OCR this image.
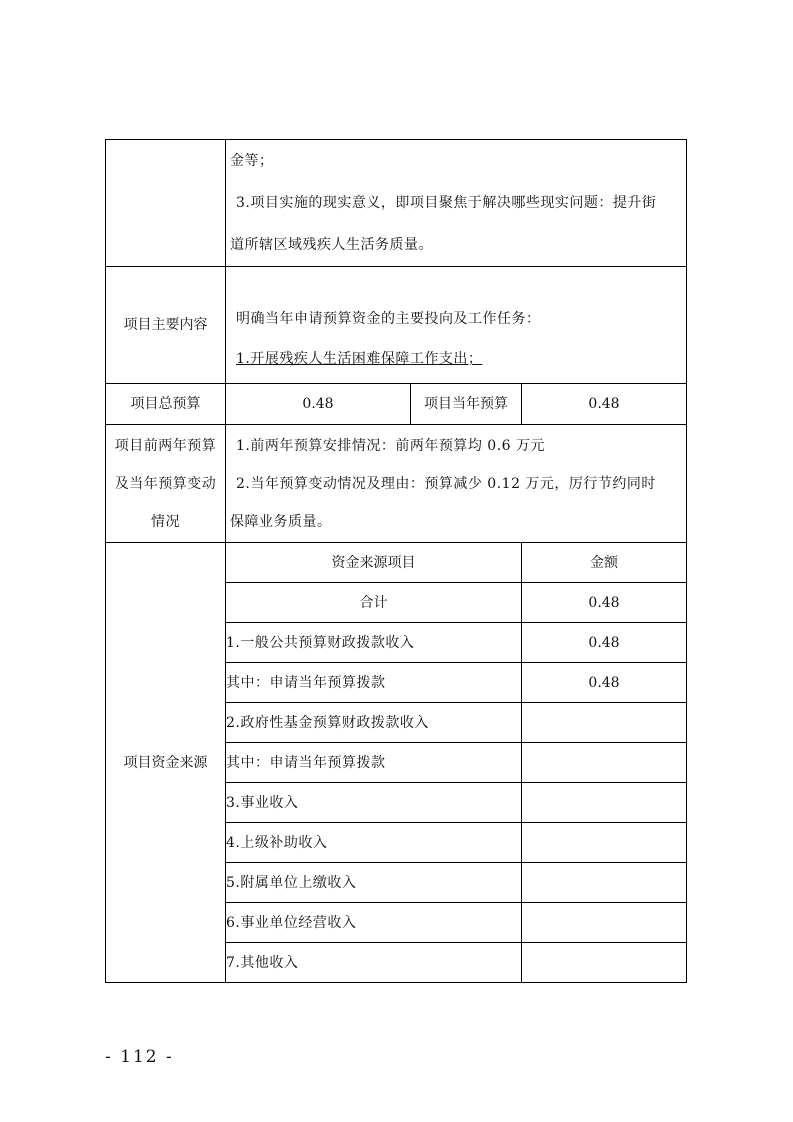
	金等；
3.项目实施的现实意义，即项目聚焦于解决哪些现实问题：提升街
道所辖区域残疾人生活务质量。		

项目主要内容	明确当年申请预算资金的主要投向及工作任务：
1.开展残疾人生活困难保障工作支出；		

项目总预算	0.48	项目当年预算	0.48

项目前两年预算
及当年预算变动
情况	1.前两年预算安排情况：前两年预算均 0.6 万元
2.当年预算变动情况及理由：预算减少 0.12 万元，厉行节约同时
保障业务质量。		

项目资金来源	资金来源项目		金额
	合计		0.48
	1.一般公共预算财政拨款收入		0.48
	其中：申请当年预算拨款		0.48
	2.政府性基金预算财政拨款收入		
	其中：申请当年预算拨款		
	3.事业收入		
	4.上级补助收入		
	5.附属单位上缴收入		
	6.事业单位经营收入		
	7.其他收入		
- 112 -
